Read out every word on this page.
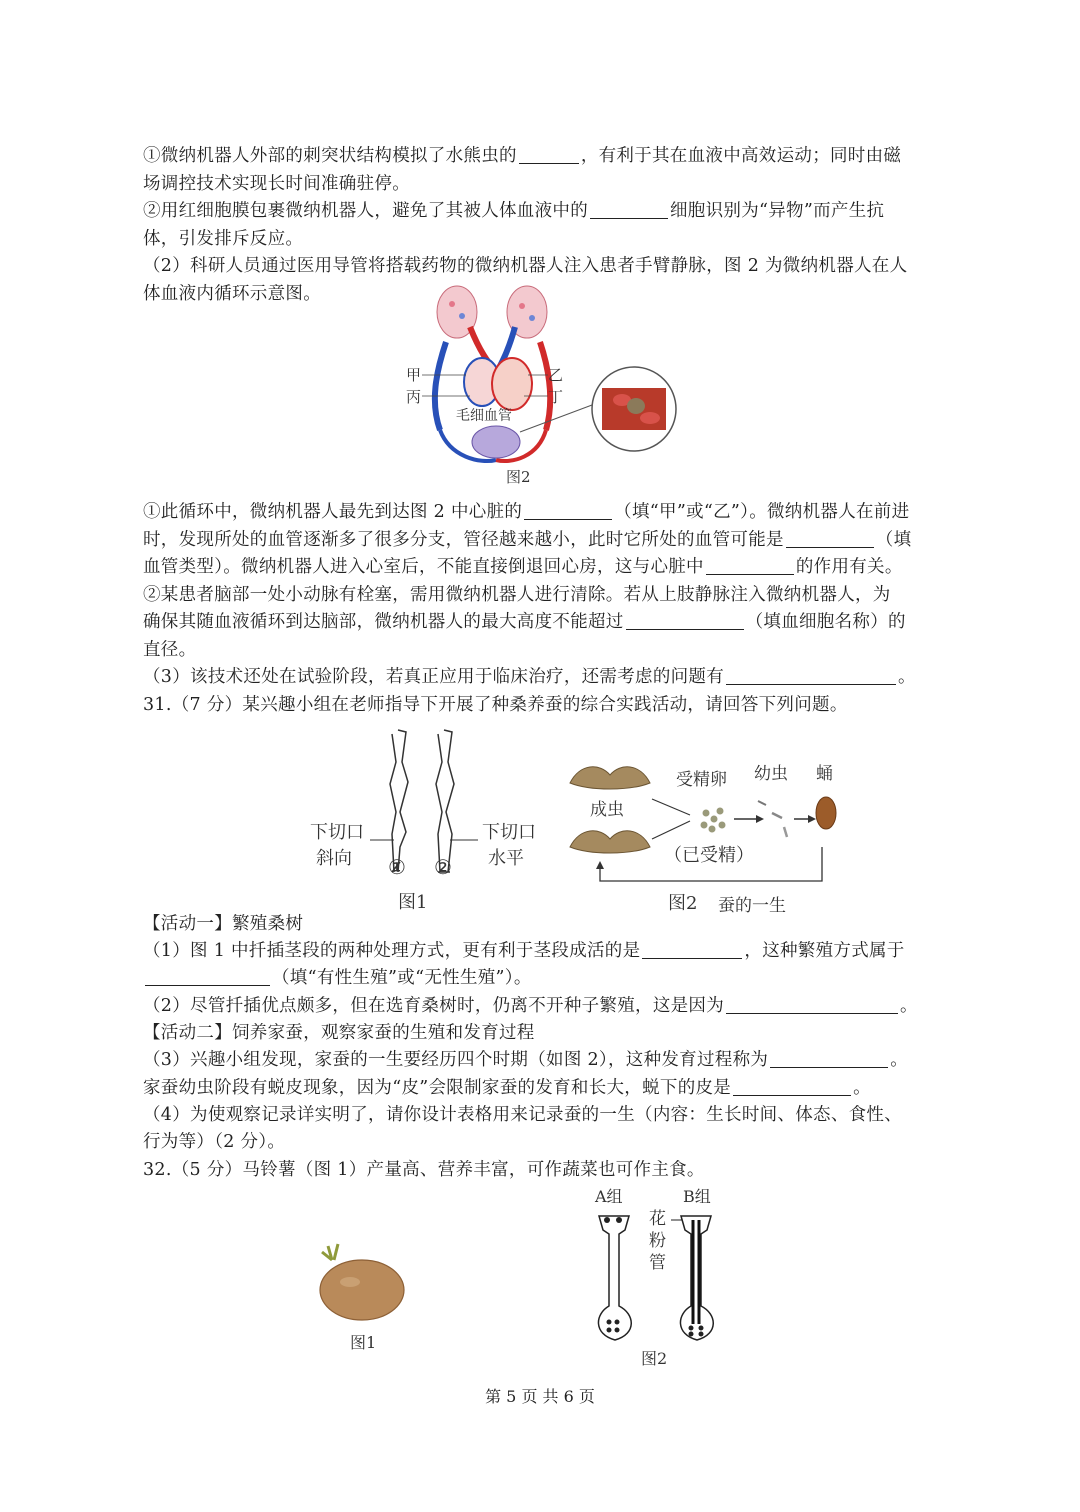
①微纳机器人外部的刺突状结构模拟了水熊虫的	，有利于其在血液中高效运动；同时由磁
场调控技术实现长时间准确驻停。
②用红细胞膜包裹微纳机器人，避免了其被人体血液中的	细胞识别为“异物”而产生抗
体，引发排斥反应。
（2）科研人员通过医用导管将搭载药物的微纳机器人注入患者手臂静脉，图 2 为微纳机器人在人
体血液内循环示意图。
甲
丙
乙
丁
毛细血管
图2
①此循环中，微纳机器人最先到达图 2 中心脏的	（填“甲”或“乙”）。微纳机器人在前进
时，发现所处的血管逐渐多了很多分支，管径越来越小，此时它所处的血管可能是	（填
血管类型）。微纳机器人进入心室后，不能直接倒退回心房，这与心脏中	的作用有关。
②某患者脑部一处小动脉有栓塞，需用微纳机器人进行清除。若从上肢静脉注入微纳机器人，为
确保其随血液循环到达脑部，微纳机器人的最大高度不能超过	（填血细胞名称）的
直径。
（3）该技术还处在试验阶段，若真正应用于临床治疗，还需考虑的问题有	。
31.（7 分）某兴趣小组在老师指导下开展了种桑养蚕的综合实践活动，请回答下列问题。
下切口
斜向
下切口
水平
① ②
图1
成虫
受精卵
（已受精）
幼虫 蛹
图2 蚕的一生
【活动一】繁殖桑树
（1）图 1 中扦插茎段的两种处理方式，更有利于茎段成活的是	，这种繁殖方式属于
（填“有性生殖”或“无性生殖”）。
（2）尽管扦插优点颇多，但在选育桑树时，仍离不开种子繁殖，这是因为	。
【活动二】饲养家蚕，观察家蚕的生殖和发育过程
（3）兴趣小组发现，家蚕的一生要经历四个时期（如图 2），这种发育过程称为	。
家蚕幼虫阶段有蜕皮现象，因为“皮”会限制家蚕的发育和长大，蜕下的皮是	。
（4）为使观察记录详实明了，请你设计表格用来记录蚕的一生（内容：生长时间、体态、食性、
行为等）（2 分）。
32.（5 分）马铃薯（图 1）产量高、营养丰富，可作蔬菜也可作主食。
图1
A组	B组
花
粉
管
图2
第 5 页 共 6 页
